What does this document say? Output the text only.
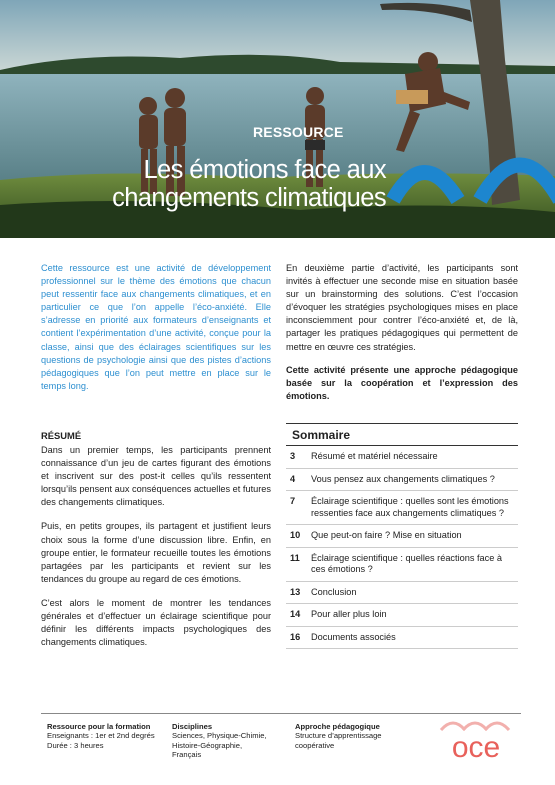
RESSOURCE
Les émotions face aux
changements climatiques

Cette ressource est une activité de développement professionnel sur le thème des émotions que chacun peut ressentir face aux changements climatiques, et en particulier ce que l’on appelle l’éco-anxiété. Elle s’adresse en priorité aux formateurs d’enseignants et contient l’expérimentation d’une activité, conçue pour la classe, ainsi que des éclairages scientifiques sur les questions de psychologie ainsi que des pistes d’actions pédagogiques que l’on peut mettre en place sur le temps long.

En deuxième partie d’activité, les participants sont invités à effectuer une seconde mise en situation basée sur un brainstorming des solutions. C’est l’occasion d’évoquer les stratégies psychologiques mises en place inconsciemment pour contrer l’éco-anxiété et, de là, partager les pratiques pédagogiques qui permettent de mettre en œuvre ces stratégies.

Cette activité présente une approche pédagogique basée sur la coopération et l’expression des émotions.

RÉSUMÉ

Dans un premier temps, les participants prennent connaissance d’un jeu de cartes figurant des émotions et inscrivent sur des post-it celles qu’ils ressentent lorsqu’ils pensent aux conséquences actuelles et futures des changements climatiques.

Puis, en petits groupes, ils partagent et justifient leurs choix sous la forme d’une discussion libre. Enfin, en groupe entier, le formateur recueille toutes les émotions partagées par les participants et revient sur les tendances du groupe au regard de ces émotions.

C’est alors le moment de montrer les tendances générales et d’effectuer un éclairage scientifique pour définir les différents impacts psychologiques des changements climatiques.

Sommaire
3	Résumé et matériel nécessaire
4	Vous pensez aux changements climatiques ?
7	Éclairage scientifique : quelles sont les émotions ressenties face aux changements climatiques ?
10	Que peut-on faire ? Mise en situation
11	Éclairage scientifique : quelles réactions face à ces émotions ?
13	Conclusion
14	Pour aller plus loin
16	Documents associés
Ressource pour la formation
Enseignants : 1er et 2nd degrés
Durée : 3 heures
Disciplines
Sciences, Physique-Chimie,
Histoire-Géographie,
Français
Approche pédagogique
Structure d’apprentissage
coopérative	oce
